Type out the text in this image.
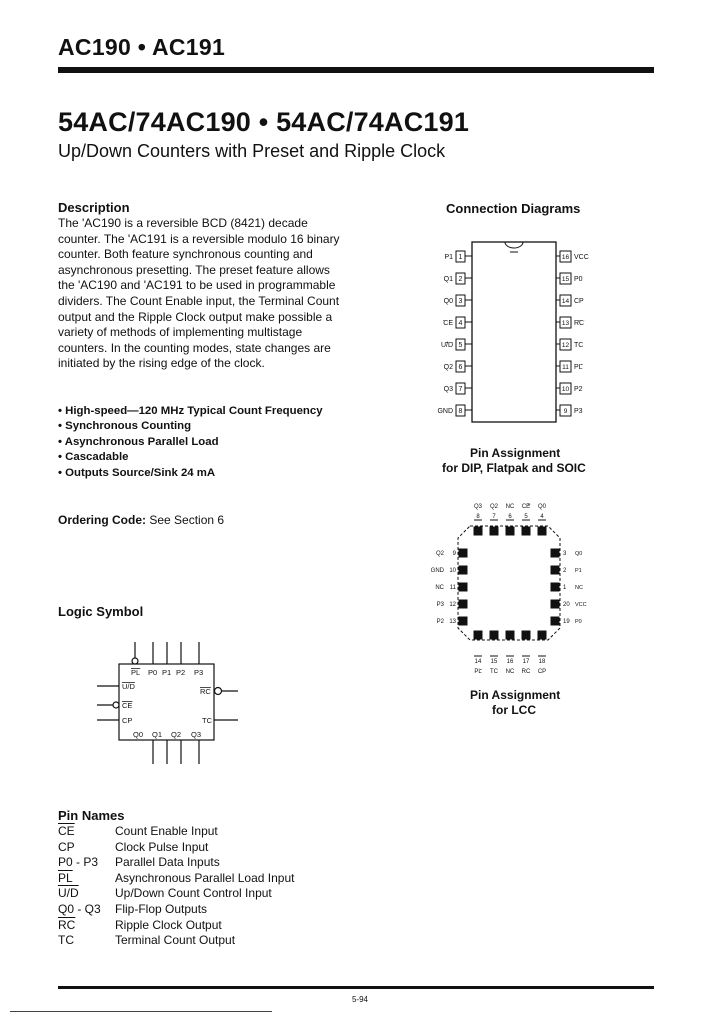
AC190 • AC191
54AC/74AC190 • 54AC/74AC191
Up/Down Counters with Preset and Ripple Clock
Description

The 'AC190 is a reversible BCD (8421) decade counter. The 'AC191 is a reversible modulo 16 binary counter. Both feature synchronous counting and asynchronous presetting. The preset feature allows the 'AC190 and 'AC191 to be used in programmable dividers. The Count Enable input, the Terminal Count output and the Ripple Clock output make possible a variety of methods of implementing multistage counters. In the counting modes, state changes are initiated by the rising edge of the clock.

• High-speed—120 MHz Typical Count Frequency
• Synchronous Counting
• Asynchronous Parallel Load
• Cascadable
• Outputs Source/Sink 24 mA
Ordering Code: See Section 6
Logic Symbol
PL P0 P1 P2 P3
U/D
CE
CP
RC
TC
Q0 Q1 Q2 Q3
Pin Names
$\overline{CE}$	Count Enable Input
CP	Clock Pulse Input
P0 - P3	Parallel Data Inputs
$\overline{PL}$	Asynchronous Parallel Load Input
U/D	Up/Down Count Control Input
Q0 - Q3	Flip-Flop Outputs
$\overline{RC}$	Ripple Clock Output
TC	Terminal Count Output
Connection Diagrams
1
P1
2
Q1
3
Q0
4
CE
5
U/D
6
Q2
7
Q3
8
GND
16 VCC
15 P0
14 CP
13 RC
12 TC
11 PL
10 P2
9 P3
Pin Assignment
for DIP, Flatpak and SOIC
Q3
8
Q2
7
NC
6
CE
5
Q0
4
14
PL
15
TC
16
NC
17
RC
18
CP
9
Q2
10
GND
11
NC
12
P3
13
P2
3 Q0
2 P1
1 NC
20 VCC
19 P0
Pin Assignment
for LCC
5-94
